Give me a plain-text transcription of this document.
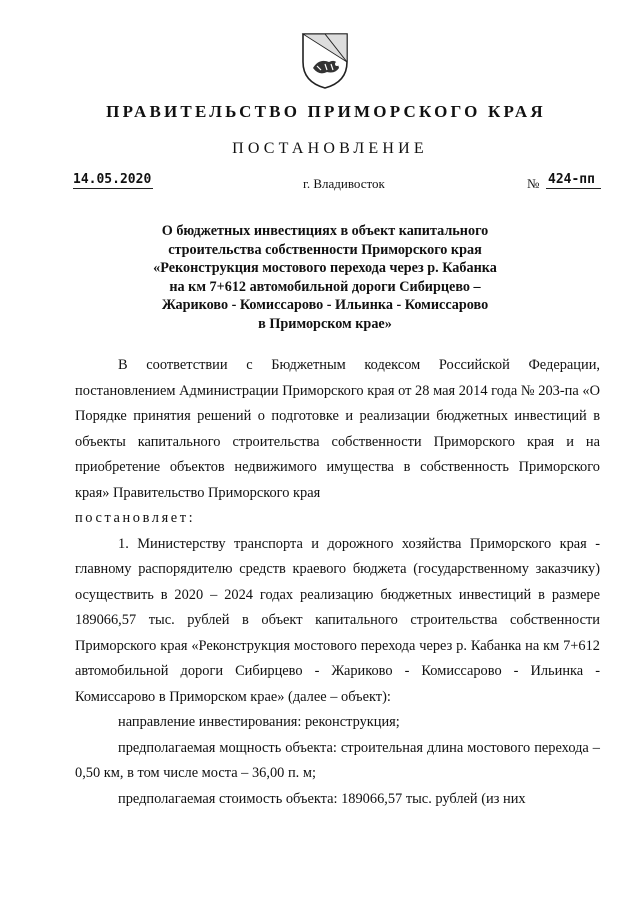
ПРАВИТЕЛЬСТВО ПРИМОРСКОГО КРАЯ
ПОСТАНОВЛЕНИЕ
14.05.2020	г. Владивосток	№ 424-пп
О бюджетных инвестициях в объект капитального
строительства собственности Приморского края
«Реконструкция мостового перехода через р. Кабанка
на км 7+612 автомобильной дороги Сибирцево –
Жариково - Комиссарово - Ильинка - Комиссарово
в Приморском крае»

В соответствии с Бюджетным кодексом Российской Федерации, постановлением Администрации Приморского края от 28 мая 2014 года № 203-па «О Порядке принятия решений о подготовке и реализации бюджетных инвестиций в объекты капитального строительства собственности Приморского края и на приобретение объектов недвижимого имущества в собственность Приморского края» Правительство Приморского края

постановляет:

1. Министерству транспорта и дорожного хозяйства Приморского края - главному распорядителю средств краевого бюджета (государственному заказчику) осуществить в 2020 – 2024 годах реализацию бюджетных инвестиций в размере 189066,57 тыс. рублей в объект капитального строительства собственности Приморского края «Реконструкция мостового перехода через р. Кабанка на км 7+612 автомобильной дороги Сибирцево - Жариково - Комиссарово - Ильинка - Комиссарово в Приморском крае» (далее – объект):

направление инвестирования: реконструкция;

предполагаемая мощность объекта: строительная длина мостового перехода – 0,50 км, в том числе моста – 36,00 п. м;

предполагаемая стоимость объекта: 189066,57 тыс. рублей (из них
